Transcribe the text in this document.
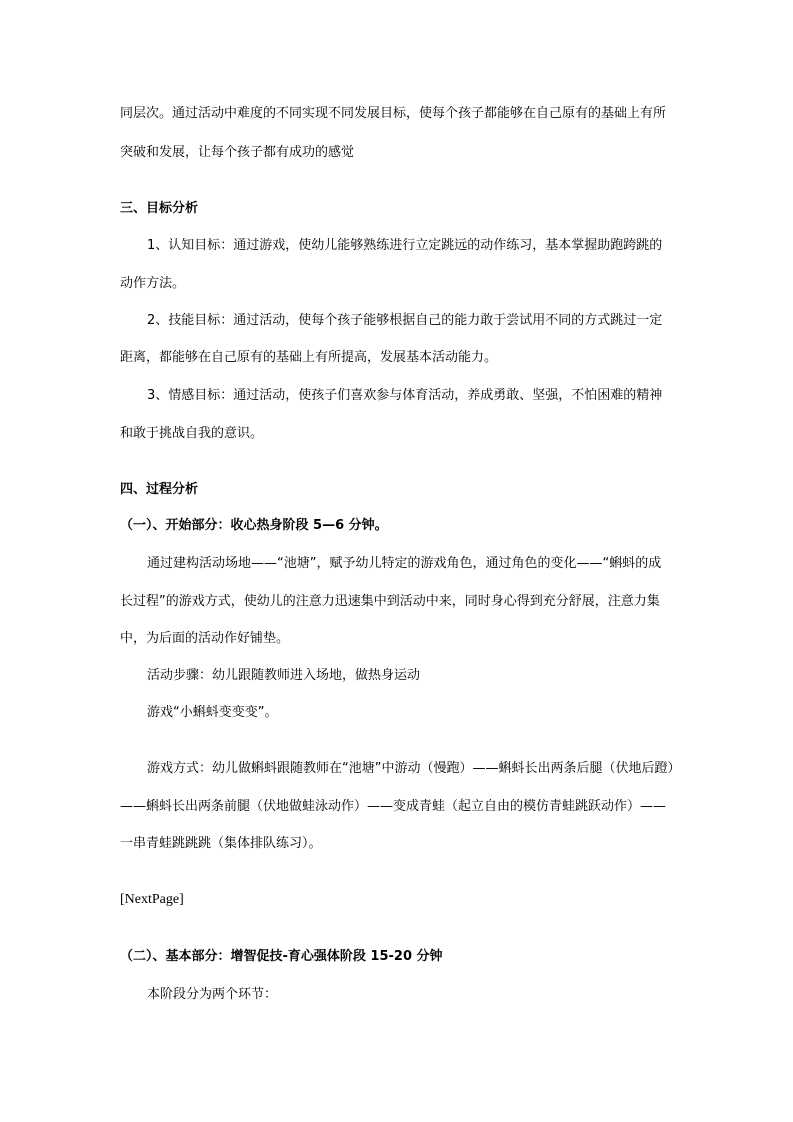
同层次。通过活动中难度的不同实现不同发展目标，使每个孩子都能够在自己原有的基础上有所
突破和发展，让每个孩子都有成功的感觉
三、目标分析
1、认知目标：通过游戏，使幼儿能够熟练进行立定跳远的动作练习，基本掌握助跑跨跳的
动作方法。
2、技能目标：通过活动，使每个孩子能够根据自己的能力敢于尝试用不同的方式跳过一定
距离，都能够在自己原有的基础上有所提高，发展基本活动能力。
3、情感目标：通过活动，使孩子们喜欢参与体育活动，养成勇敢、坚强，不怕困难的精神
和敢于挑战自我的意识。
四、过程分析
（一）、开始部分：收心热身阶段 5—6 分钟。
通过建构活动场地——“池塘”，赋予幼儿特定的游戏角色，通过角色的变化——“蝌蚪的成
长过程”的游戏方式，使幼儿的注意力迅速集中到活动中来，同时身心得到充分舒展，注意力集
中，为后面的活动作好铺垫。
活动步骤：幼儿跟随教师进入场地，做热身运动
游戏“小蝌蚪变变变”。
游戏方式：幼儿做蝌蚪跟随教师在“池塘”中游动（慢跑）——蝌蚪长出两条后腿（伏地后蹬）
——蝌蚪长出两条前腿（伏地做蛙泳动作）——变成青蛙（起立自由的模仿青蛙跳跃动作）——
一串青蛙跳跳跳（集体排队练习）。
[NextPage]
（二）、基本部分：增智促技-育心强体阶段 15-20 分钟
本阶段分为两个环节：
